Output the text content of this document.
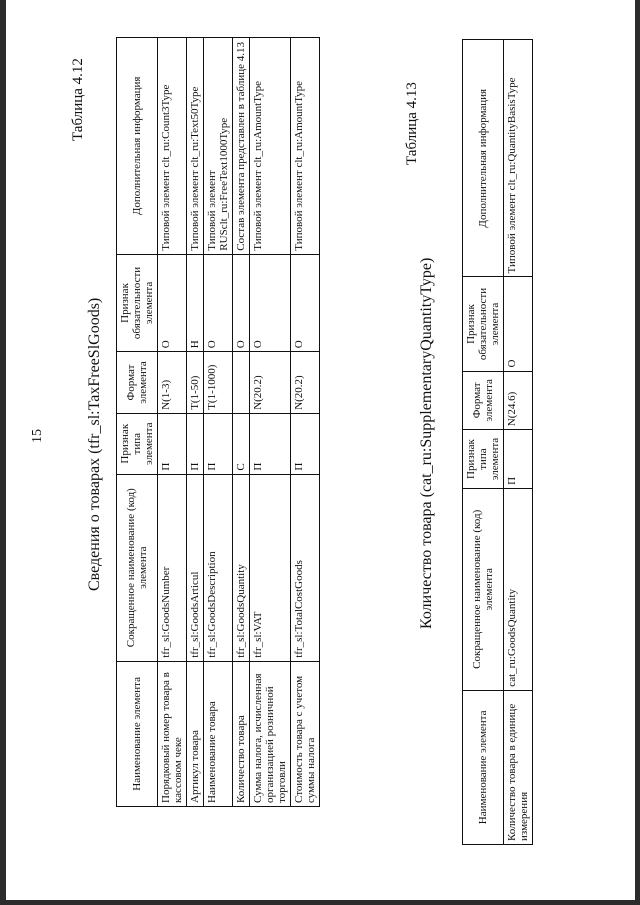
15
Таблица 4.12
Сведения о товарах (tfr_sl:TaxFreeSlGoods)
Наименование элемента	Сокращенное наименование (код) элемента	Признак типа элемента	Формат элемента	Признак обязательности элемента	Дополнительная информация
Порядковый номер товара в кассовом чеке	tfr_sl:GoodsNumber	П	N(1-3)	О	Типовой элемент clt_ru:Count3Type
Артикул товара	tfr_sl:GoodsArticul	П	Т(1-50)	Н	Типовой элемент clt_ru:Text50Type
Наименование товара	tfr_sl:GoodsDescription	П	Т(1-1000)	О	Типовой элемент RUSclt_ru:FreeText1000Type
Количество товара	tfr_sl:GoodsQuantity	С		О	Состав элемента представлен в таблице 4.13
Сумма налога, исчисленная организацией розничной торговли	tfr_sl:VAT	П	N(20.2)	О	Типовой элемент clt_ru:AmountType
Стоимость товара с учетом суммы налога	tfr_sl:TotalCostGoods	П	N(20.2)	О	Типовой элемент clt_ru:AmountType	Таблица 4.13
Количество товара (cat_ru:SupplementaryQuantityType)
Наименование элемента	Сокращенное наименование (код) элемента	Признак типа элемента	Формат элемента	Признак обязательности элемента	Дополнительная информация
Количество товара в единице измерения	cat_ru:GoodsQuantity	П	N(24.6)	О	Типовой элемент clt_ru:QuantityBasisType
